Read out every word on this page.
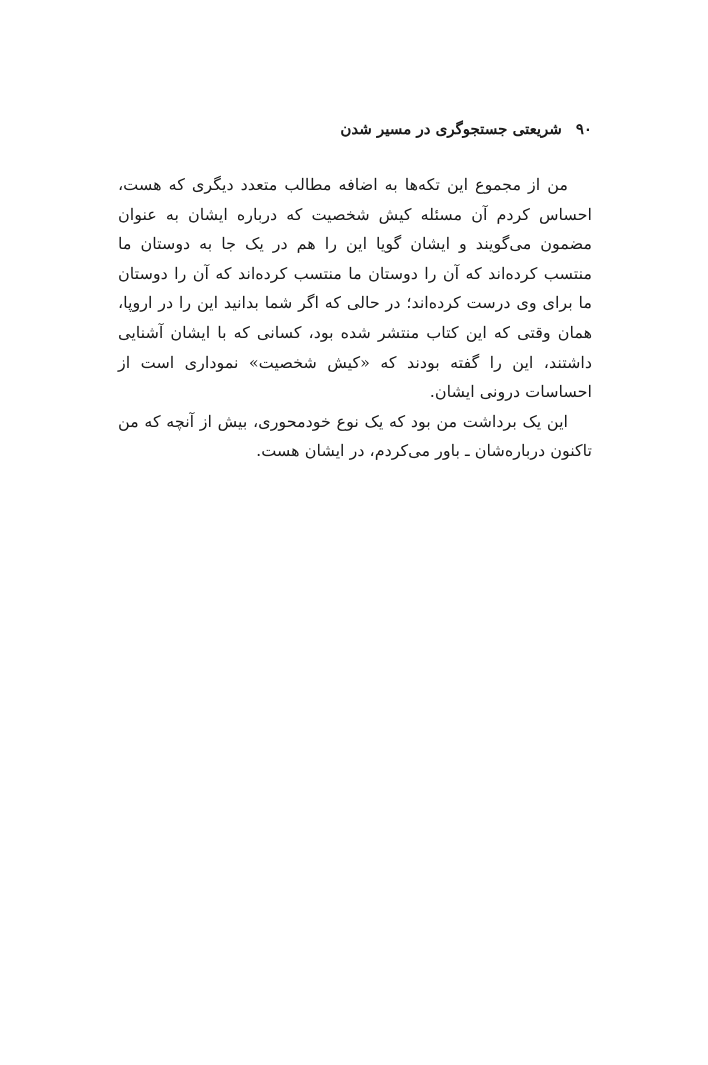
۹۰
شریعتی جستجوگری در مسیر شدن

من از مجموع این تکه‌ها به اضافه مطالب متعدد دیگری که هست، احساس کردم آن مسئله کیش شخصیت که درباره ایشان به عنوان مضمون می‌گویند و ایشان گویا این را هم در یک جا به دوستان ما منتسب کرده‌اند که آن را دوستان ما منتسب کرده‌اند که آن را دوستان ما برای وی درست کرده‌اند؛ در حالی که اگر شما بدانید این را در اروپا، همان وقتی که این کتاب منتشر شده بود، کسانی که با ایشان آشنایی داشتند، این را گفته بودند که «کیش شخصیت» نموداری است از احساسات درونی ایشان.

این یک برداشت من بود که یک نوع خودمحوری، بیش از آنچه که من تاکنون درباره‌شان ـ باور می‌کردم، در ایشان هست.
